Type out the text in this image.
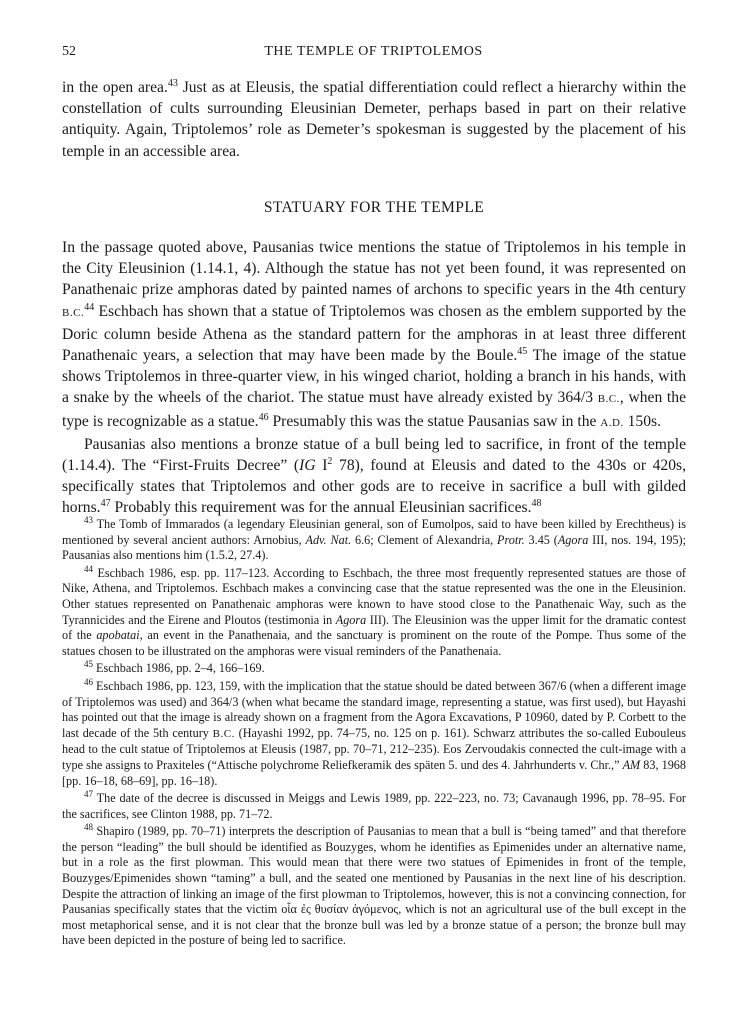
52	THE TEMPLE OF TRIPTOLEMOS

in the open area.$^{43}$ Just as at Eleusis, the spatial differentiation could reflect a hierarchy within the constellation of cults surrounding Eleusinian Demeter, perhaps based in part on their relative antiquity. Again, Triptolemos’ role as Demeter’s spokesman is suggested by the placement of his temple in an accessible area.

STATUARY FOR THE TEMPLE

In the passage quoted above, Pausanias twice mentions the statue of Triptolemos in his temple in the City Eleusinion (1.14.1, 4). Although the statue has not yet been found, it was represented on Panathenaic prize amphoras dated by painted names of archons to specific years in the 4th century B.C.$^{44}$ Eschbach has shown that a statue of Triptolemos was chosen as the emblem supported by the Doric column beside Athena as the standard pattern for the amphoras in at least three different Panathenaic years, a selection that may have been made by the Boule.$^{45}$ The image of the statue shows Triptolemos in three-quarter view, in his winged chariot, holding a branch in his hands, with a snake by the wheels of the chariot. The statue must have already existed by 364/3 B.C., when the type is recognizable as a statue.$^{46}$ Presumably this was the statue Pausanias saw in the A.D. 150s.

Pausanias also mentions a bronze statue of a bull being led to sacrifice, in front of the temple (1.14.4). The “First-Fruits Decree” (IG $I^2$ 78), found at Eleusis and dated to the 430s or 420s, specifically states that Triptolemos and other gods are to receive in sacrifice a bull with gilded horns.$^{47}$ Probably this requirement was for the annual Eleusinian sacrifices.$^{48}$

$^{43}$ The Tomb of Immarados (a legendary Eleusinian general, son of Eumolpos, said to have been killed by Erechtheus) is mentioned by several ancient authors: Arnobius, Adv. Nat. 6.6; Clement of Alexandria, Protr. 3.45 (Agora III, nos. 194, 195); Pausanias also mentions him (1.5.2, 27.4).

$^{44}$ Eschbach 1986, esp. pp. 117–123. According to Eschbach, the three most frequently represented statues are those of Nike, Athena, and Triptolemos. Eschbach makes a convincing case that the statue represented was the one in the Eleusinion. Other statues represented on Panathenaic amphoras were known to have stood close to the Panathenaic Way, such as the Tyrannicides and the Eirene and Ploutos (testimonia in Agora III). The Eleusinion was the upper limit for the dramatic contest of the apobatai, an event in the Panathenaia, and the sanctuary is prominent on the route of the Pompe. Thus some of the statues chosen to be illustrated on the amphoras were visual reminders of the Panathenaia.

$^{45}$ Eschbach 1986, pp. 2–4, 166–169.

$^{46}$ Eschbach 1986, pp. 123, 159, with the implication that the statue should be dated between 367/6 (when a different image of Triptolemos was used) and 364/3 (when what became the standard image, representing a statue, was first used), but Hayashi has pointed out that the image is already shown on a fragment from the Agora Excavations, P 10960, dated by P. Corbett to the last decade of the 5th century B.C. (Hayashi 1992, pp. 74–75, no. 125 on p. 161). Schwarz attributes the so-called Eubouleus head to the cult statue of Triptolemos at Eleusis (1987, pp. 70–71, 212–235). Eos Zervoudakis connected the cult-image with a type she assigns to Praxiteles (“Attische polychrome Reliefkeramik des späten 5. und des 4. Jahrhunderts v. Chr.,” AM 83, 1968 [pp. 16–18, 68–69], pp. 16–18).

$^{47}$ The date of the decree is discussed in Meiggs and Lewis 1989, pp. 222–223, no. 73; Cavanaugh 1996, pp. 78–95. For the sacrifices, see Clinton 1988, pp. 71–72.

$^{48}$ Shapiro (1989, pp. 70–71) interprets the description of Pausanias to mean that a bull is “being tamed” and that therefore the person “leading” the bull should be identified as Bouzyges, whom he identifies as Epimenides under an alternative name, but in a role as the first plowman. This would mean that there were two statues of Epimenides in front of the temple, Bouzyges/Epimenides shown “taming” a bull, and the seated one mentioned by Pausanias in the next line of his description. Despite the attraction of linking an image of the first plowman to Triptolemos, however, this is not a convincing connection, for Pausanias specifically states that the victim οἷα ἐς θυσίαν ἀγόμενος, which is not an agricultural use of the bull except in the most metaphorical sense, and it is not clear that the bronze bull was led by a bronze statue of a person; the bronze bull may have been depicted in the posture of being led to sacrifice.
